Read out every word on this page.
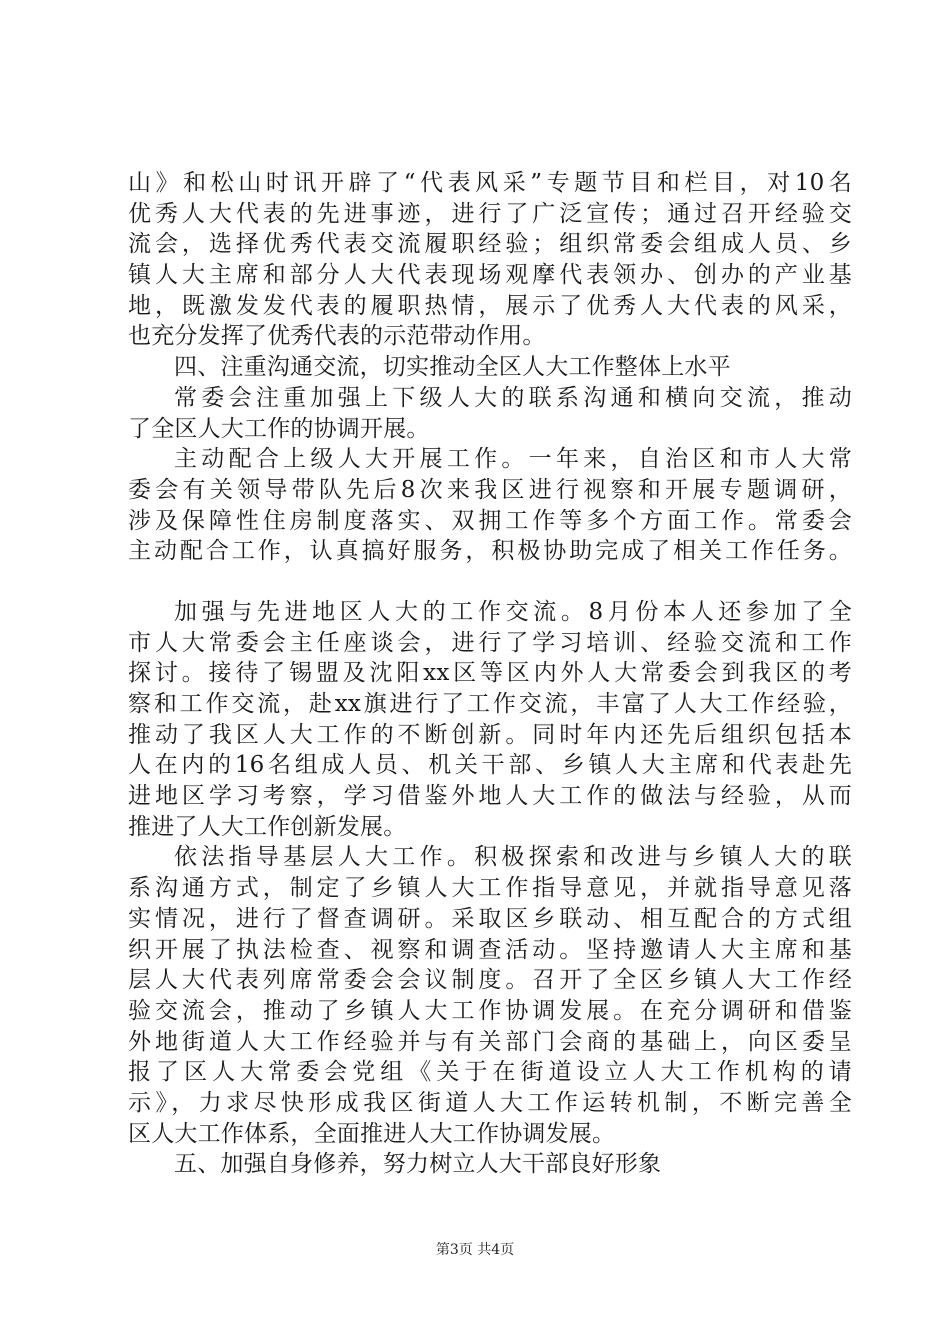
山》和松山时讯开辟了“代表风采”专题节目和栏目，对10名
优秀人大代表的先进事迹，进行了广泛宣传；通过召开经验交
流会，选择优秀代表交流履职经验；组织常委会组成人员、乡
镇人大主席和部分人大代表现场观摩代表领办、创办的产业基
地，既激发发代表的履职热情，展示了优秀人大代表的风采，
也充分发挥了优秀代表的示范带动作用。
四、注重沟通交流，切实推动全区人大工作整体上水平
常委会注重加强上下级人大的联系沟通和横向交流，推动
了全区人大工作的协调开展。
主动配合上级人大开展工作。一年来，自治区和市人大常
委会有关领导带队先后8次来我区进行视察和开展专题调研，
涉及保障性住房制度落实、双拥工作等多个方面工作。常委会
主动配合工作，认真搞好服务，积极协助完成了相关工作任务。
加强与先进地区人大的工作交流。8月份本人还参加了全
市人大常委会主任座谈会，进行了学习培训、经验交流和工作
探讨。接待了锡盟及沈阳xx区等区内外人大常委会到我区的考
察和工作交流，赴xx旗进行了工作交流，丰富了人大工作经验，
推动了我区人大工作的不断创新。同时年内还先后组织包括本
人在内的16名组成人员、机关干部、乡镇人大主席和代表赴先
进地区学习考察，学习借鉴外地人大工作的做法与经验，从而
推进了人大工作创新发展。
依法指导基层人大工作。积极探索和改进与乡镇人大的联
系沟通方式，制定了乡镇人大工作指导意见，并就指导意见落
实情况，进行了督查调研。采取区乡联动、相互配合的方式组
织开展了执法检查、视察和调查活动。坚持邀请人大主席和基
层人大代表列席常委会会议制度。召开了全区乡镇人大工作经
验交流会，推动了乡镇人大工作协调发展。在充分调研和借鉴
外地街道人大工作经验并与有关部门会商的基础上，向区委呈
报了区人大常委会党组《关于在街道设立人大工作机构的请
示》，力求尽快形成我区街道人大工作运转机制，不断完善全
区人大工作体系，全面推进人大工作协调发展。
五、加强自身修养，努力树立人大干部良好形象
第3页 共4页
